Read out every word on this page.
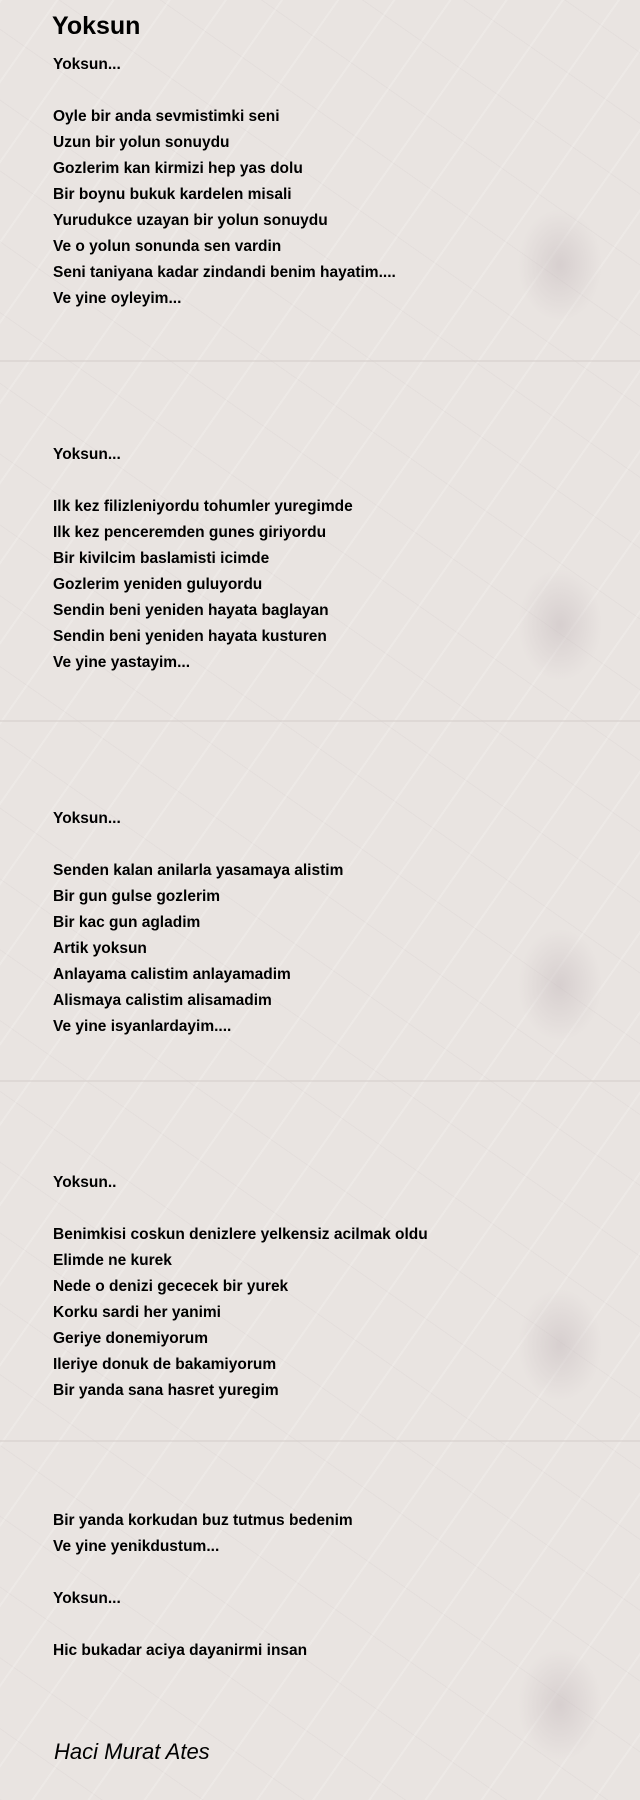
Yoksun
Yoksun...
Oyle bir anda sevmistimki seni
Uzun bir yolun sonuydu
Gozlerim kan kirmizi hep yas dolu
Bir boynu bukuk kardelen misali
Yurudukce uzayan bir yolun sonuydu
Ve o yolun sonunda sen vardin
Seni taniyana kadar zindandi benim hayatim....
Ve yine oyleyim...
Yoksun...
Ilk kez filizleniyordu tohumler yuregimde
Ilk kez penceremden gunes giriyordu
Bir kivilcim baslamisti icimde
Gozlerim yeniden guluyordu
Sendin beni yeniden hayata baglayan
Sendin beni yeniden hayata kusturen
Ve yine yastayim...
Yoksun...
Senden kalan anilarla yasamaya alistim
Bir gun gulse gozlerim
Bir kac gun agladim
Artik yoksun
Anlayama calistim anlayamadim
Alismaya calistim alisamadim
Ve yine isyanlardayim....
Yoksun..
Benimkisi coskun denizlere yelkensiz acilmak oldu
Elimde ne kurek
Nede o denizi gececek bir yurek
Korku sardi her yanimi
Geriye donemiyorum
Ileriye donuk de bakamiyorum
Bir yanda sana hasret yuregim
Bir yanda korkudan buz tutmus bedenim
Ve yine yenikdustum...
Yoksun...
Hic bukadar aciya dayanirmi insan
Haci Murat Ates
